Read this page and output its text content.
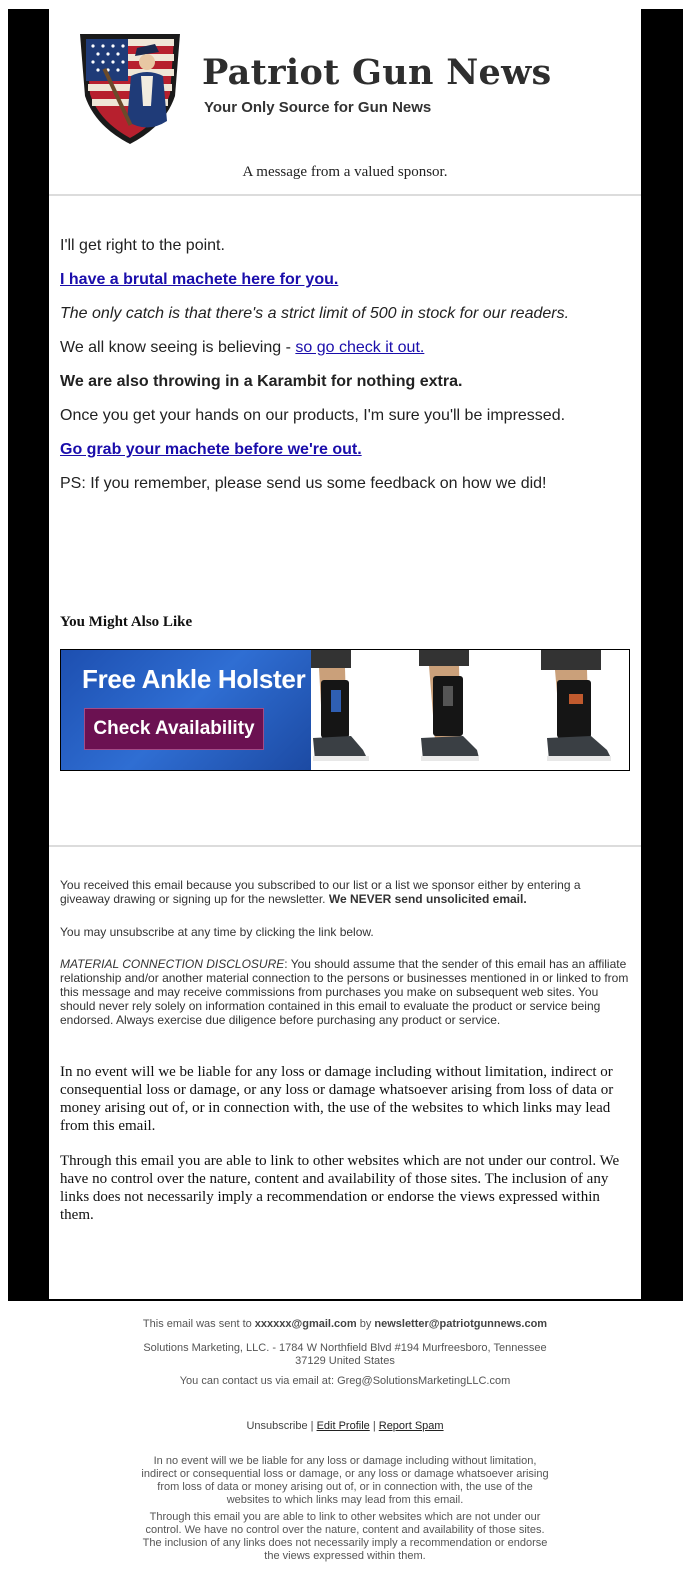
Patriot Gun News
Your Only Source for Gun News
A message from a valued sponsor.

I'll get right to the point.

I have a brutal machete here for you.

The only catch is that there's a strict limit of 500 in stock for our readers.

We all know seeing is believing - so go check it out.

We are also throwing in a Karambit for nothing extra.

Once you get your hands on our products, I'm sure you'll be impressed.

Go grab your machete before we're out.

PS: If you remember, please send us some feedback on how we did!

You Might Also Like
Free Ankle Holster
Check Availability
You received this email because you subscribed to our list or a list we sponsor either by entering a giveaway drawing or signing up for the newsletter. We NEVER send unsolicited email.
You may unsubscribe at any time by clicking the link below.
MATERIAL CONNECTION DISCLOSURE: You should assume that the sender of this email has an affiliate relationship and/or another material connection to the persons or businesses mentioned in or linked to from this message and may receive commissions from purchases you make on subsequent web sites. You should never rely solely on information contained in this email to evaluate the product or service being endorsed. Always exercise due diligence before purchasing any product or service.
In no event will we be liable for any loss or damage including without limitation, indirect or consequential loss or damage, or any loss or damage whatsoever arising from loss of data or money arising out of, or in connection with, the use of the websites to which links may lead from this email.
Through this email you are able to link to other websites which are not under our control. We have no control over the nature, content and availability of those sites. The inclusion of any links does not necessarily imply a recommendation or endorse the views expressed within them.
This email was sent to xxxxxx@gmail.com by newsletter@patriotgunnews.com
Solutions Marketing, LLC. - 1784 W Northfield Blvd #194 Murfreesboro, Tennessee 37129 United States
You can contact us via email at: Greg@SolutionsMarketingLLC.com
Unsubscribe | Edit Profile | Report Spam
In no event will we be liable for any loss or damage including without limitation, indirect or consequential loss or damage, or any loss or damage whatsoever arising from loss of data or money arising out of, or in connection with, the use of the websites to which links may lead from this email.
Through this email you are able to link to other websites which are not under our control. We have no control over the nature, content and availability of those sites. The inclusion of any links does not necessarily imply a recommendation or endorse the views expressed within them.
